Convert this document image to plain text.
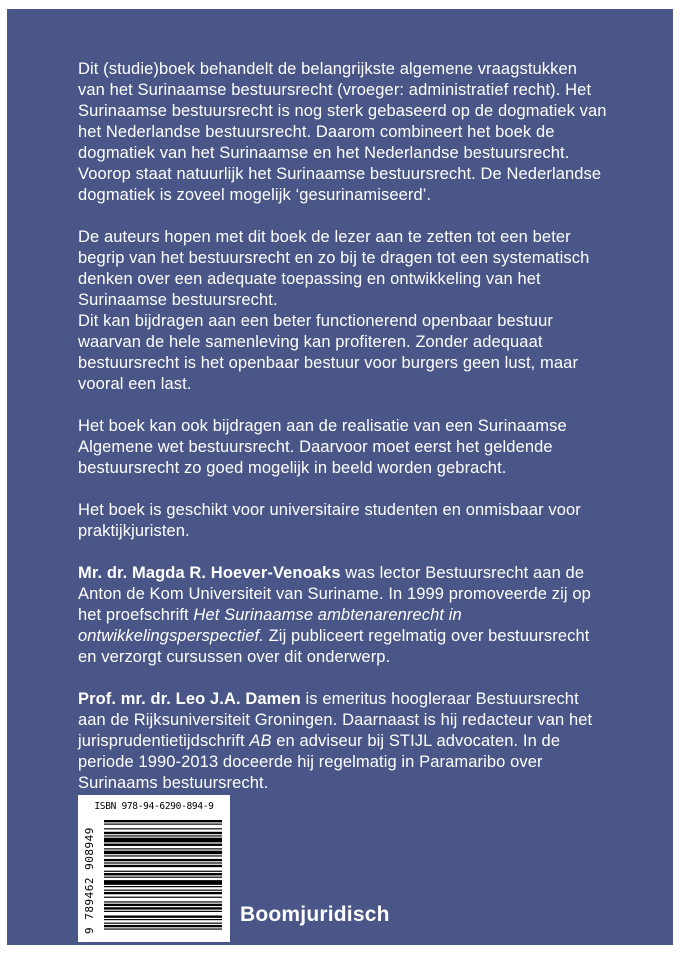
Dit (studie)boek behandelt de belangrijkste algemene vraagstukken van het Surinaamse bestuursrecht (vroeger: administratief recht). Het Surinaamse bestuursrecht is nog sterk gebaseerd op de dogmatiek van het Nederlandse bestuursrecht. Daarom combineert het boek de dogmatiek van het Surinaamse en het Nederlandse bestuursrecht. Voorop staat natuurlijk het Surinaamse bestuursrecht. De Nederlandse dogmatiek is zoveel mogelijk ‘gesurinamiseerd’.

De auteurs hopen met dit boek de lezer aan te zetten tot een beter begrip van het bestuursrecht en zo bij te dragen tot een systematisch denken over een adequate toepassing en ontwikkeling van het Surinaamse bestuursrecht.

Dit kan bijdragen aan een beter functionerend openbaar bestuur waarvan de hele samenleving kan profiteren. Zonder adequaat bestuursrecht is het openbaar bestuur voor burgers geen lust, maar vooral een last.

Het boek kan ook bijdragen aan de realisatie van een Surinaamse Algemene wet bestuursrecht. Daarvoor moet eerst het geldende bestuursrecht zo goed mogelijk in beeld worden gebracht.

Het boek is geschikt voor universitaire studenten en onmisbaar voor praktijkjuristen.

Mr. dr. Magda R. Hoever-Venoaks was lector Bestuursrecht aan de Anton de Kom Universiteit van Suriname. In 1999 promoveerde zij op het proefschrift Het Surinaamse ambtenarenrecht in ontwikkelingsperspectief. Zij publiceert regelmatig over bestuursrecht en verzorgt cursussen over dit onderwerp.

Prof. mr. dr. Leo J.A. Damen is emeritus hoogleraar Bestuursrecht aan de Rijksuniversiteit Groningen. Daarnaast is hij redacteur van het jurisprudentietijdschrift AB en adviseur bij STIJL advocaten. In de periode 1990-2013 doceerde hij regelmatig in Paramaribo over Surinaams bestuursrecht.

ISBN 978-94-6290-894-9
9 789462 908949	Boomjuridisch
